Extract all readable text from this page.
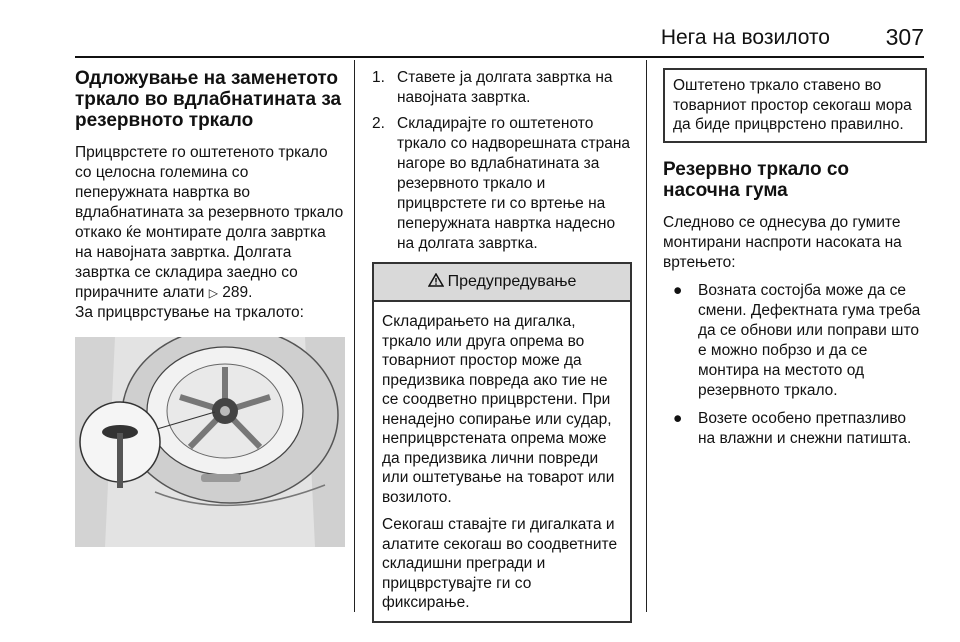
Нега на возилото 307
Одложување на заменетото тркало во вдлабнатината за резервното тркало

Прицврстете го оштетеното тркало со целосна големина со пеперужната навртка во вдлабнатината за резервното тркало откако ќе монтирате долга завртка на навојната завртка. Долгата завртка се складира заедно со прирачните алати ▷ 289.
За прицврстување на тркалото:

1. Ставете ја долгата завртка на навојната завртка.
2. Складирајте го оштетеното тркало со надворешната страна нагоре во вдлабнатината за резервното тркало и прицврстете ги со вртење на пеперужната навртка надесно на долгата завртка.
Предупредување

Складирањето на дигалка, тркало или друга опрема во товарниот простор може да предизвика повреда ако тие не се соодветно прицврстени. При ненадејно сопирање или судар, неприцврстената опрема може да предизвика лични повреди или оштетување на товарот или возилото.

Секогаш ставајте ги дигалката и алатите секогаш во соодветните складишни прегради и прицврстувајте ги со фиксирање.

Оштетено тркало ставено во товарниот простор секогаш мора да биде прицврстено правилно.

Резервно тркало со насочна гума

Следново се однесува до гумите монтирани наспроти насоката на вртењето:

● Возната состојба може да се смени. Дефектната гума треба да се обнови или поправи што е можно побрзо и да се монтира на местото од резервното тркало.
● Возете особено претпазливо на влажни и снежни патишта.
